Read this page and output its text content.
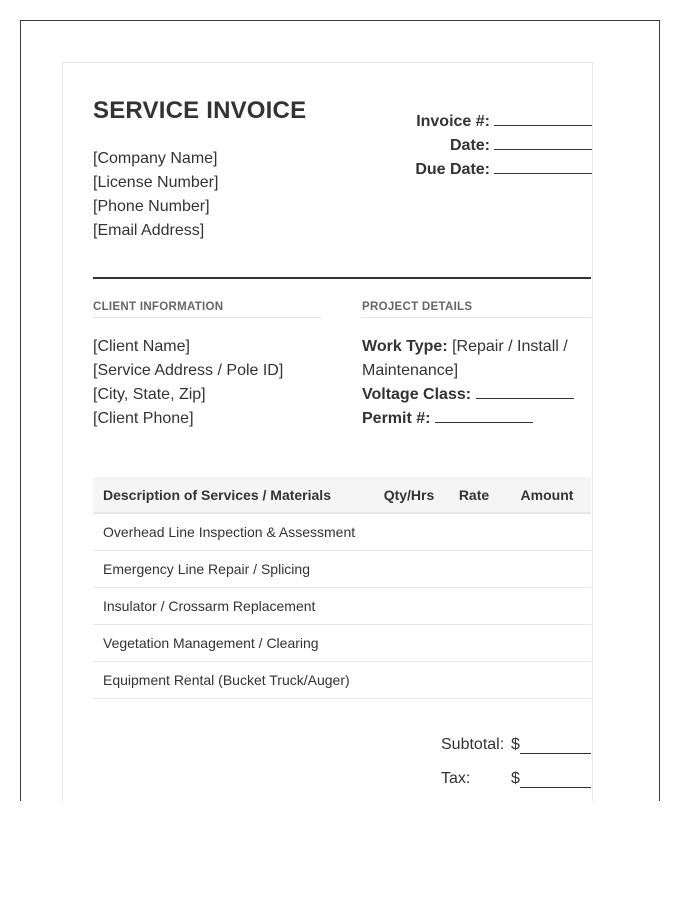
SERVICE INVOICE
[Company Name]
[License Number]
[Phone Number]
[Email Address]
Invoice #:
Date:
Due Date:
CLIENT INFORMATION	PROJECT DETAILS
[Client Name]
[Service Address / Pole ID]
[City, State, Zip]
[Client Phone]
Work Type: [Repair / Install / Maintenance]
Voltage Class:
Permit #:
Description of Services / Materials	Qty/Hrs	Rate	Amount
Overhead Line Inspection & Assessment			
Emergency Line Repair / Splicing			
Insulator / Crossarm Replacement			
Vegetation Management / Clearing			
Equipment Rental (Bucket Truck/Auger)			
Subtotal: $
Tax:	$
